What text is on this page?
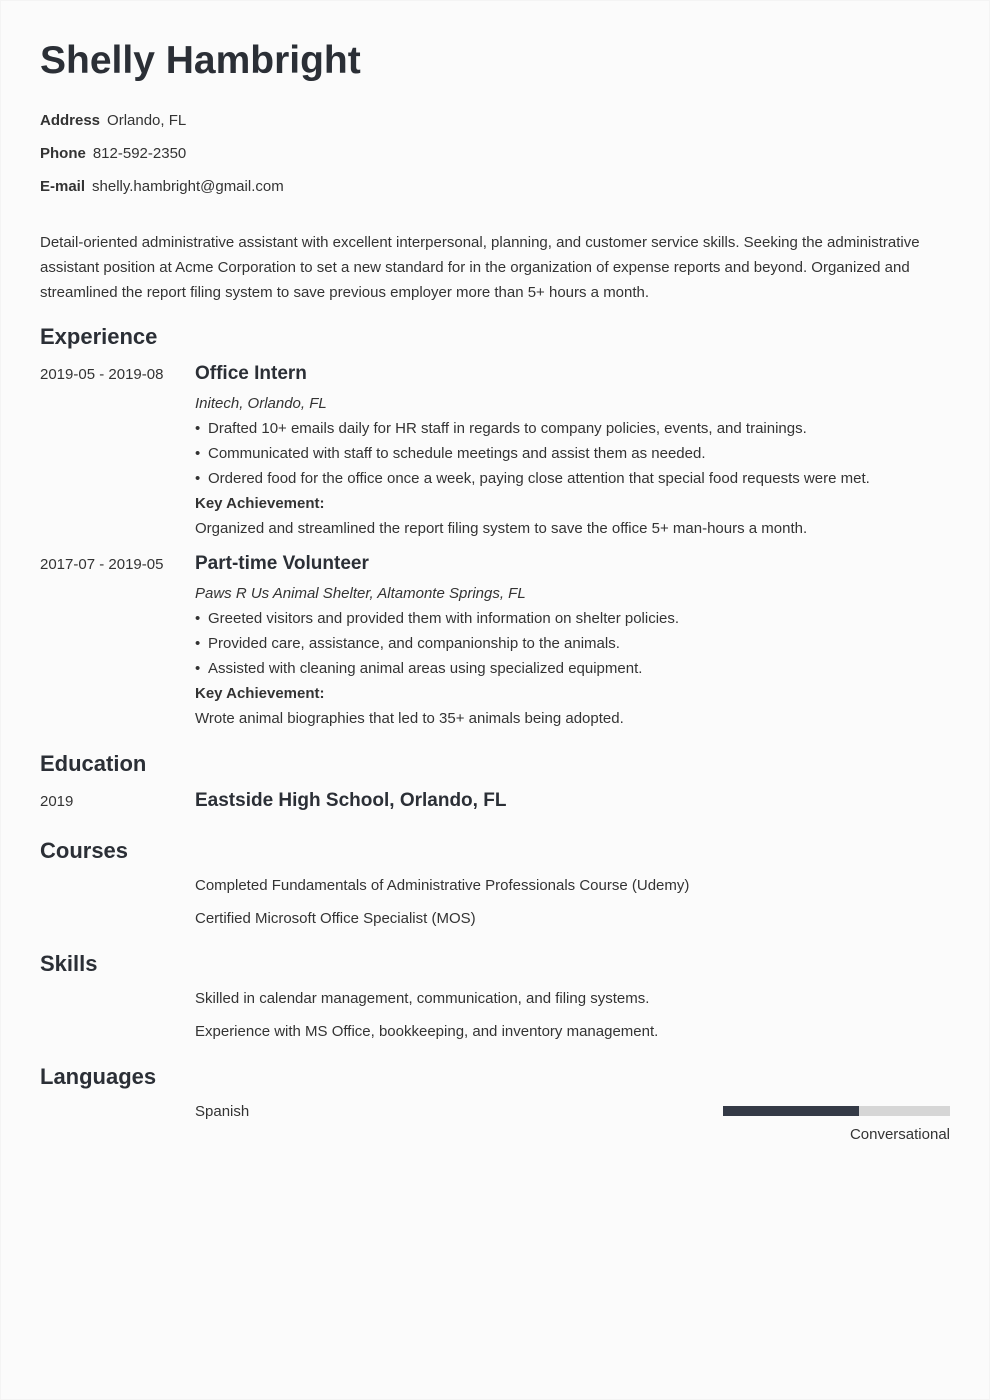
Shelly Hambright
Address Orlando, FL
Phone 812-592-2350
E-mail shelly.hambright@gmail.com
Detail-oriented administrative assistant with excellent interpersonal, planning, and customer service skills. Seeking the administrative assistant position at Acme Corporation to set a new standard for in the organization of expense reports and beyond. Organized and streamlined the report filing system to save previous employer more than 5+ hours a month.
Experience
2019-05 - 2019-08 Office Intern
Initech, Orlando, FL
• Drafted 10+ emails daily for HR staff in regards to company policies, events, and trainings.
• Communicated with staff to schedule meetings and assist them as needed.
• Ordered food for the office once a week, paying close attention that special food requests were met.
Key Achievement:
Organized and streamlined the report filing system to save the office 5+ man-hours a month.
2017-07 - 2019-05 Part-time Volunteer
Paws R Us Animal Shelter, Altamonte Springs, FL
• Greeted visitors and provided them with information on shelter policies.
• Provided care, assistance, and companionship to the animals.
• Assisted with cleaning animal areas using specialized equipment.
Key Achievement:
Wrote animal biographies that led to 35+ animals being adopted.
Education
2019	Eastside High School, Orlando, FL
Courses
Completed Fundamentals of Administrative Professionals Course (Udemy)
Certified Microsoft Office Specialist (MOS)
Skills
Skilled in calendar management, communication, and filing systems.
Experience with MS Office, bookkeeping, and inventory management.
Languages
Spanish
Conversational
